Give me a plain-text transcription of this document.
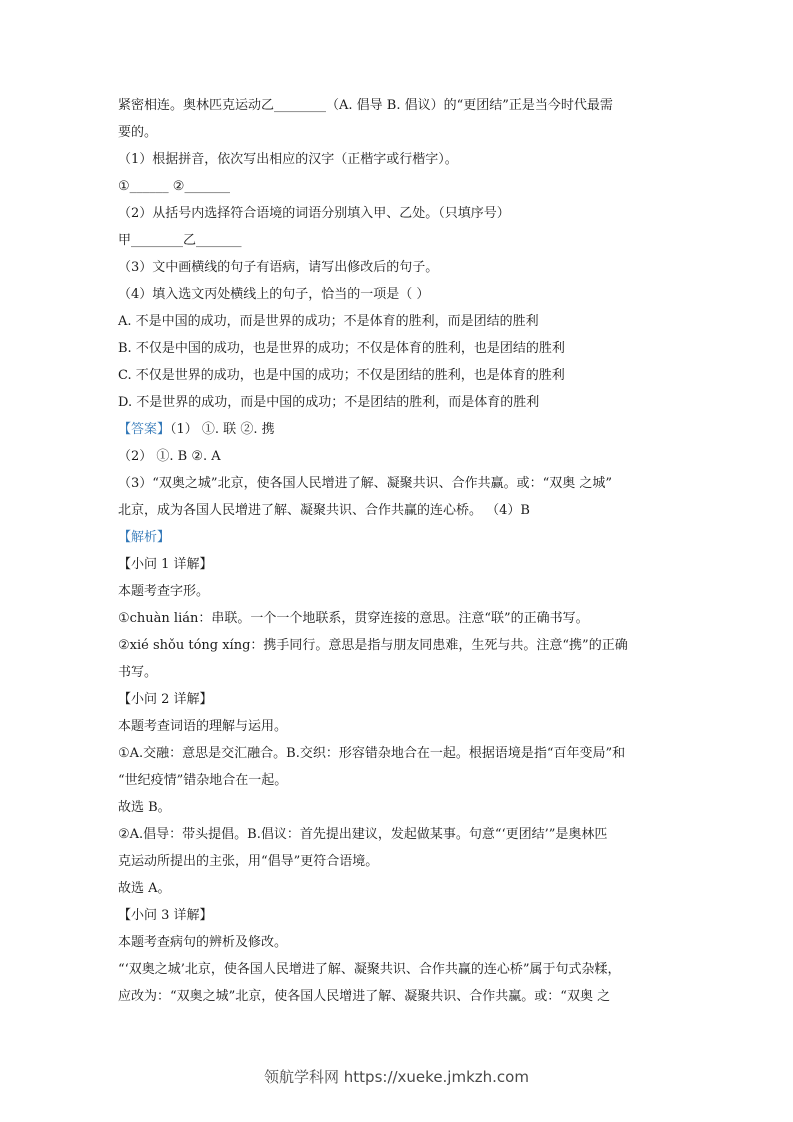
紧密相连。奥林匹克运动乙________（A. 倡导 B. 倡议）的“更团结”正是当今时代最需
要的。
（1）根据拼音，依次写出相应的汉字（正楷字或行楷字）。
①______ ②_______
（2）从括号内选择符合语境的词语分别填入甲、乙处。（只填序号）
甲________乙_______
（3）文中画横线的句子有语病，请写出修改后的句子。
（4）填入选文丙处横线上的句子，恰当的一项是（ ）
A. 不是中国的成功，而是世界的成功；不是体育的胜利，而是团结的胜利
B. 不仅是中国的成功，也是世界的成功；不仅是体育的胜利，也是团结的胜利
C. 不仅是世界的成功，也是中国的成功；不仅是团结的胜利，也是体育的胜利
D. 不是世界的成功，而是中国的成功；不是团结的胜利，而是体育的胜利
【答案】（1） ①. 联 ②. 携
（2） ①. B ②. A
（3）“双奥之城”北京，使各国人民增进了解、凝聚共识、合作共赢。或：“双奥 之城”
北京，成为各国人民增进了解、凝聚共识、合作共赢的连心桥。 （4）B
【解析】
【小问 1 详解】
本题考查字形。
①chuàn lián：串联。一个一个地联系，贯穿连接的意思。注意“联”的正确书写。
②xié shǒu tóng xíng：携手同行。意思是指与朋友同患难，生死与共。注意“携”的正确
书写。
【小问 2 详解】
本题考查词语的理解与运用。
①A.交融：意思是交汇融合。B.交织：形容错杂地合在一起。根据语境是指“百年变局”和
“世纪疫情”错杂地合在一起。
故选 B。
②A.倡导：带头提倡。B.倡议：首先提出建议，发起做某事。句意“‘更团结’”是奥林匹
克运动所提出的主张，用“倡导”更符合语境。
故选 A。
【小问 3 详解】
本题考查病句的辨析及修改。
“‘双奥之城’北京，使各国人民增进了解、凝聚共识、合作共赢的连心桥”属于句式杂糅，
应改为：“双奥之城”北京，使各国人民增进了解、凝聚共识、合作共赢。或：“双奥 之
领航学科网 https://xueke.jmkzh.com
